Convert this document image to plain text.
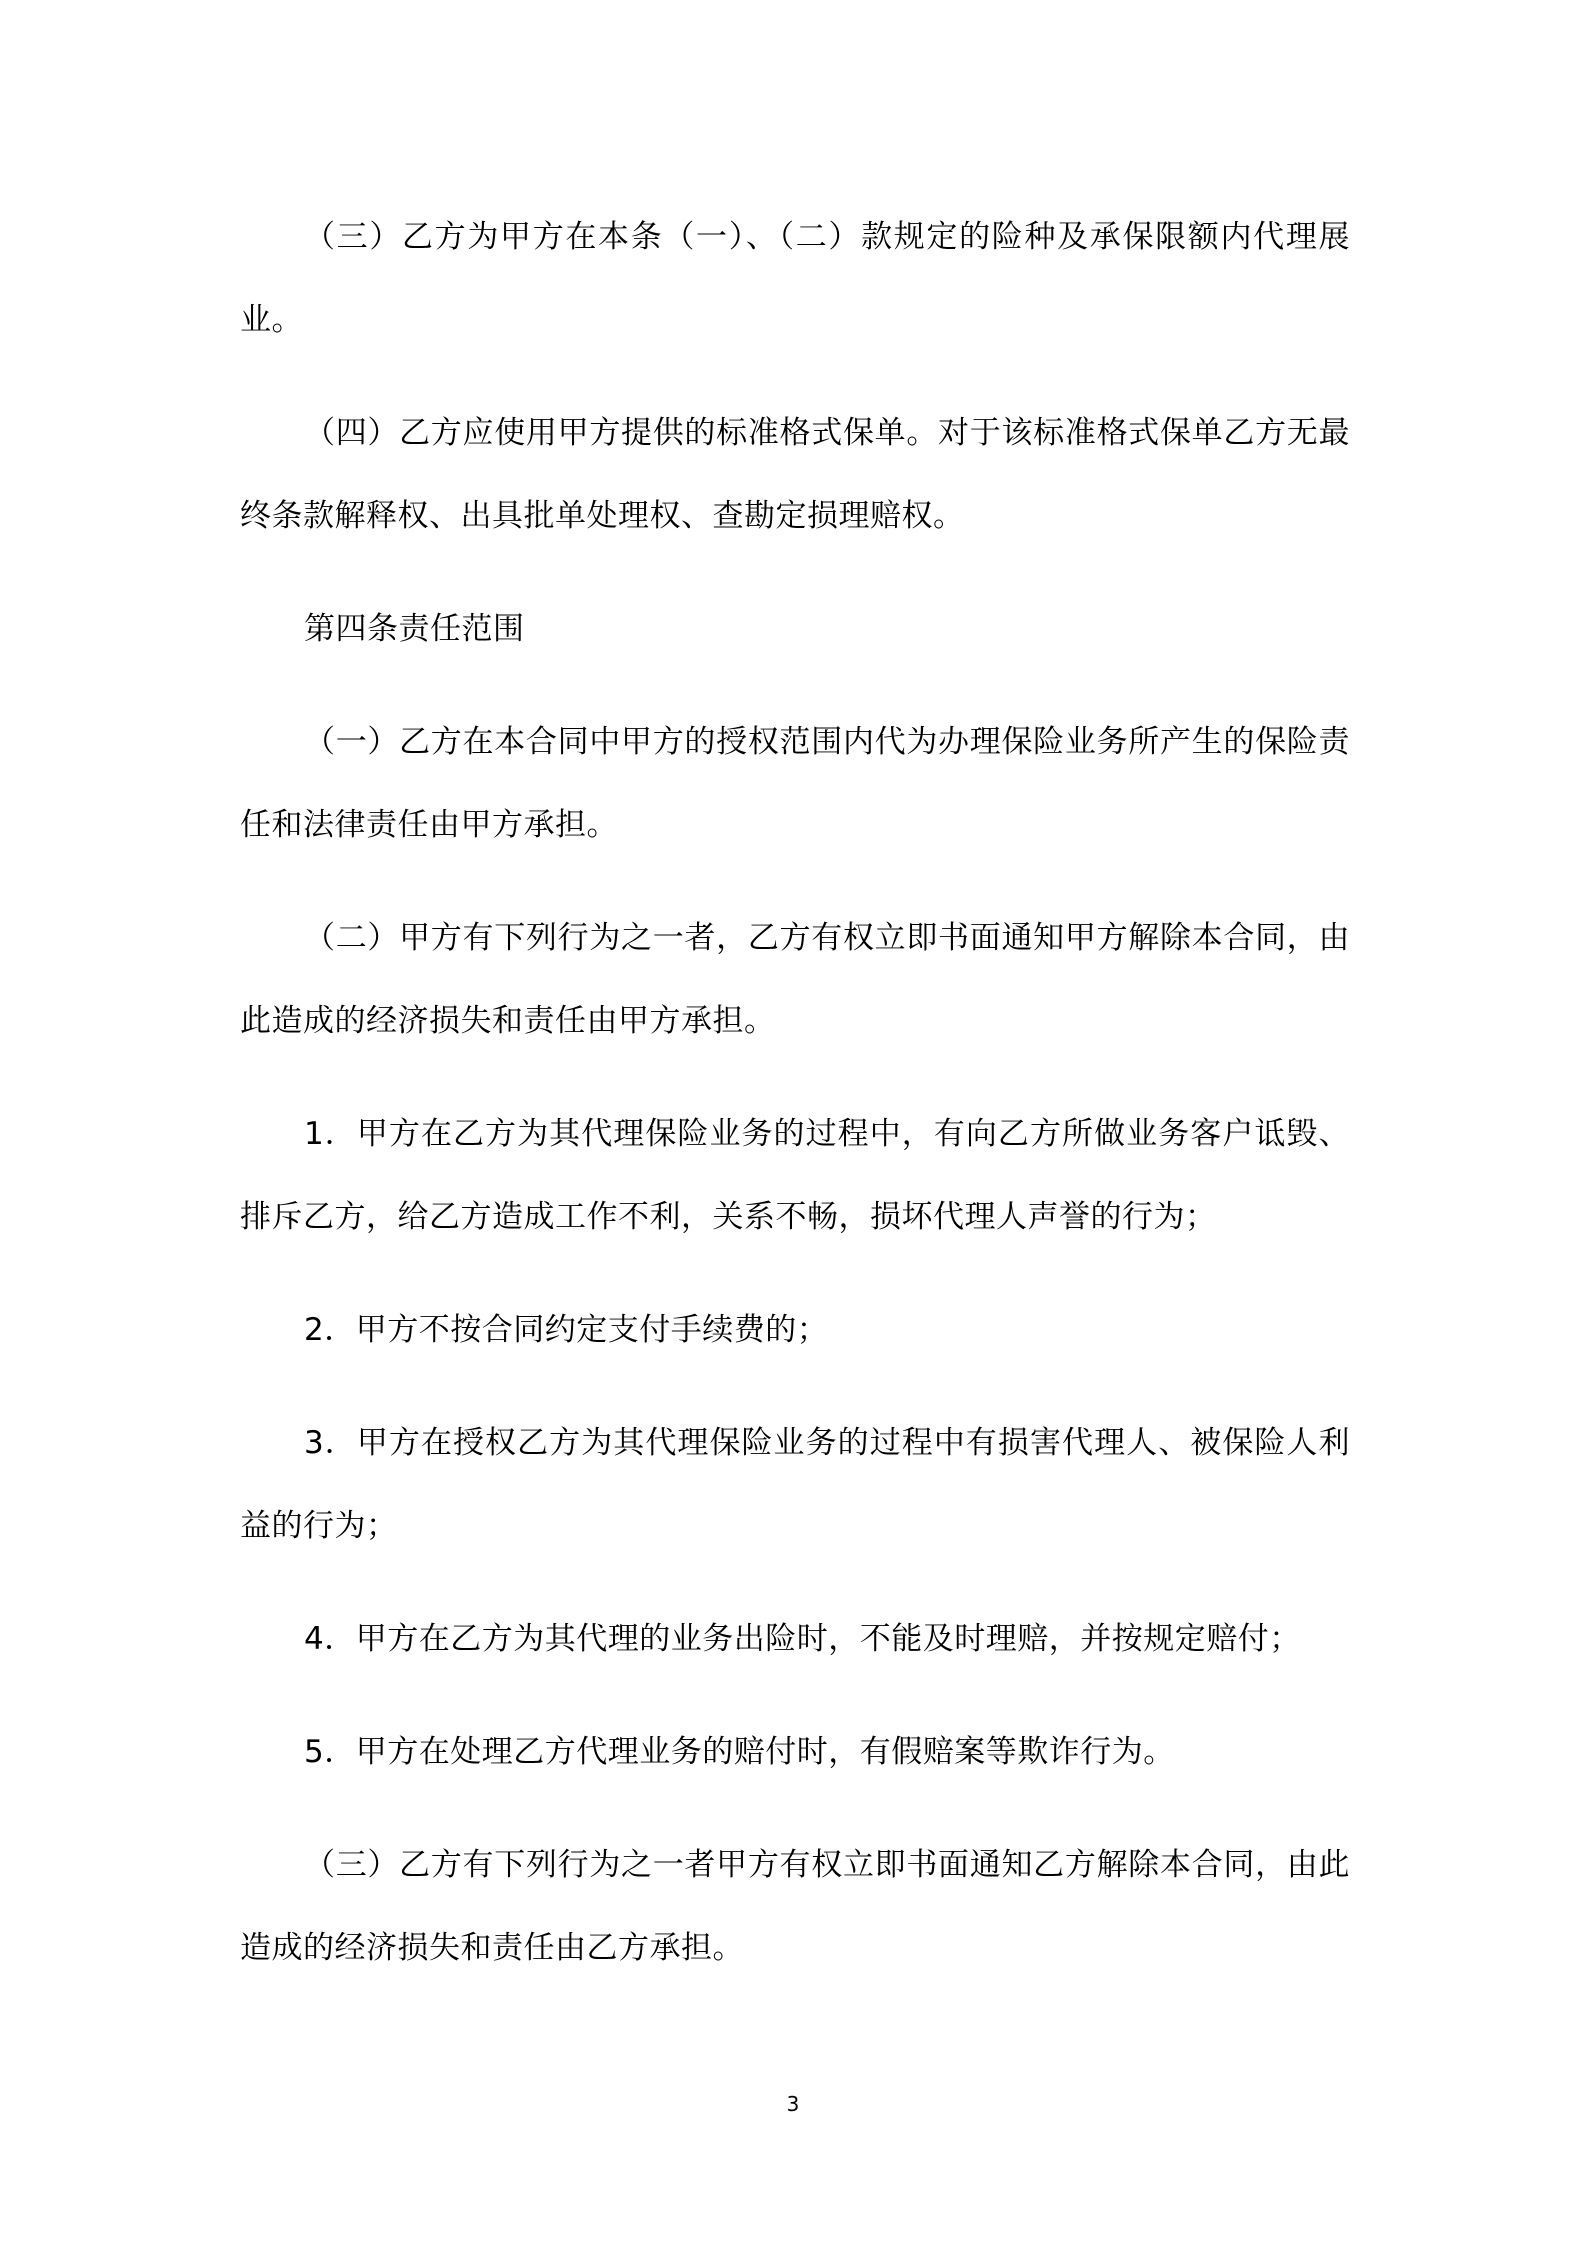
（三）乙方为甲方在本条（一）、（二）款规定的险种及承保限额内代理展业。

（四）乙方应使用甲方提供的标准格式保单。对于该标准格式保单乙方无最终条款解释权、出具批单处理权、查勘定损理赔权。

第四条责任范围

（一）乙方在本合同中甲方的授权范围内代为办理保险业务所产生的保险责任和法律责任由甲方承担。

（二）甲方有下列行为之一者，乙方有权立即书面通知甲方解除本合同，由此造成的经济损失和责任由甲方承担。

1．甲方在乙方为其代理保险业务的过程中，有向乙方所做业务客户诋毁、排斥乙方，给乙方造成工作不利，关系不畅，损坏代理人声誉的行为；

2．甲方不按合同约定支付手续费的；

3．甲方在授权乙方为其代理保险业务的过程中有损害代理人、被保险人利益的行为；

4．甲方在乙方为其代理的业务出险时，不能及时理赔，并按规定赔付；

5．甲方在处理乙方代理业务的赔付时，有假赔案等欺诈行为。

（三）乙方有下列行为之一者甲方有权立即书面通知乙方解除本合同，由此造成的经济损失和责任由乙方承担。

3
